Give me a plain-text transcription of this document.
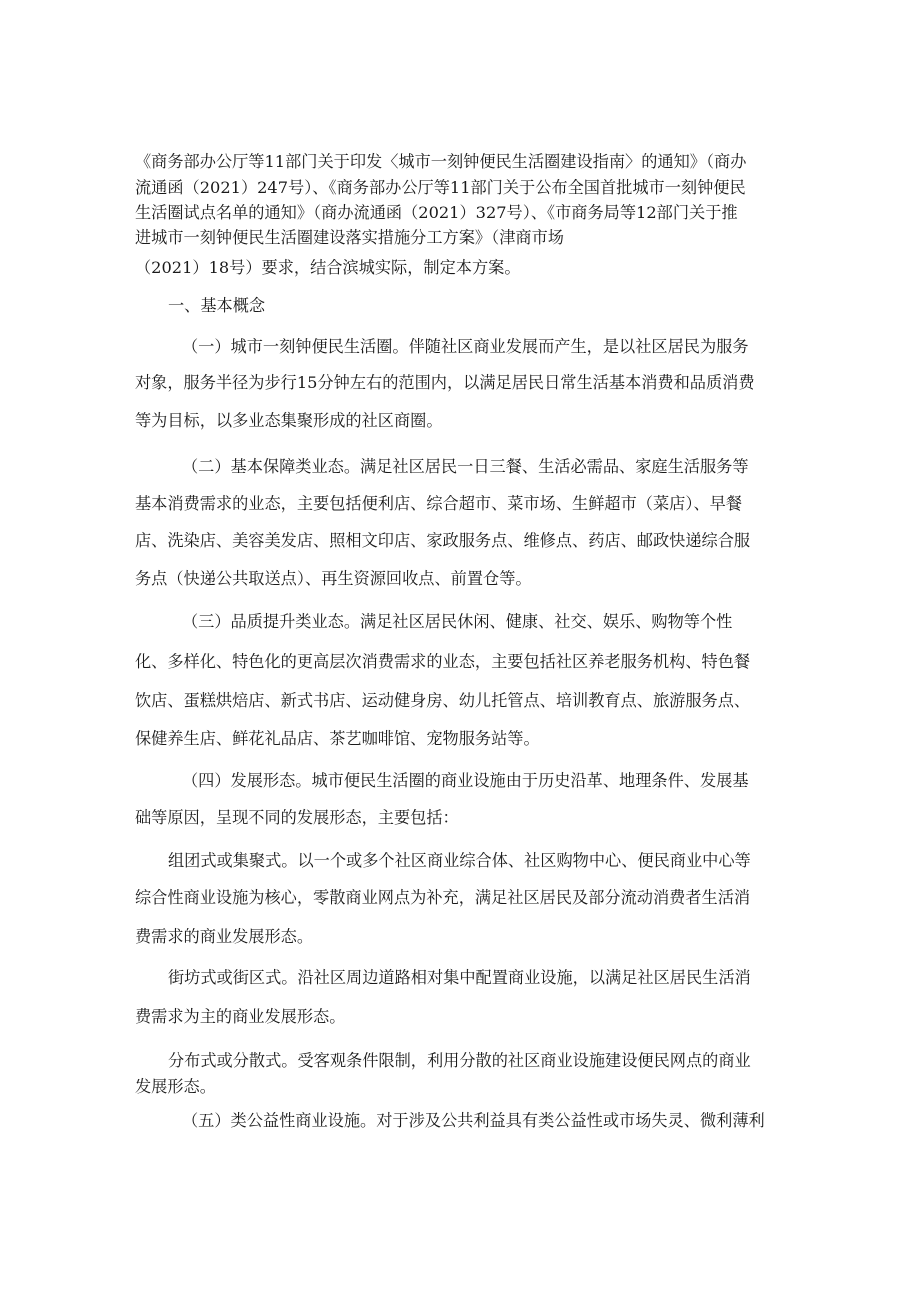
《商务部办公厅等11部门关于印发〈城市一刻钟便民生活圈建设指南〉的通知》（商办
流通函（2021）247号）、《商务部办公厅等11部门关于公布全国首批城市一刻钟便民
生活圈试点名单的通知》（商办流通函（2021）327号）、《市商务局等12部门关于推
进城市一刻钟便民生活圈建设落实措施分工方案》（津商市场
（2021）18号）要求，结合滨城实际，制定本方案。
一、基本概念
（一）城市一刻钟便民生活圈。伴随社区商业发展而产生，是以社区居民为服务
对象，服务半径为步行15分钟左右的范围内，以满足居民日常生活基本消费和品质消费
等为目标，以多业态集聚形成的社区商圈。
（二）基本保障类业态。满足社区居民一日三餐、生活必需品、家庭生活服务等
基本消费需求的业态，主要包括便利店、综合超市、菜市场、生鲜超市（菜店）、早餐
店、洗染店、美容美发店、照相文印店、家政服务点、维修点、药店、邮政快递综合服
务点（快递公共取送点）、再生资源回收点、前置仓等。
（三）品质提升类业态。满足社区居民休闲、健康、社交、娱乐、购物等个性
化、多样化、特色化的更高层次消费需求的业态，主要包括社区养老服务机构、特色餐
饮店、蛋糕烘焙店、新式书店、运动健身房、幼儿托管点、培训教育点、旅游服务点、
保健养生店、鲜花礼品店、茶艺咖啡馆、宠物服务站等。
（四）发展形态。城市便民生活圈的商业设施由于历史沿革、地理条件、发展基
础等原因，呈现不同的发展形态，主要包括：
组团式或集聚式。以一个或多个社区商业综合体、社区购物中心、便民商业中心等
综合性商业设施为核心，零散商业网点为补充，满足社区居民及部分流动消费者生活消
费需求的商业发展形态。
街坊式或街区式。沿社区周边道路相对集中配置商业设施，以满足社区居民生活消
费需求为主的商业发展形态。
分布式或分散式。受客观条件限制，利用分散的社区商业设施建设便民网点的商业
发展形态。
（五）类公益性商业设施。对于涉及公共利益具有类公益性或市场失灵、微利薄利
